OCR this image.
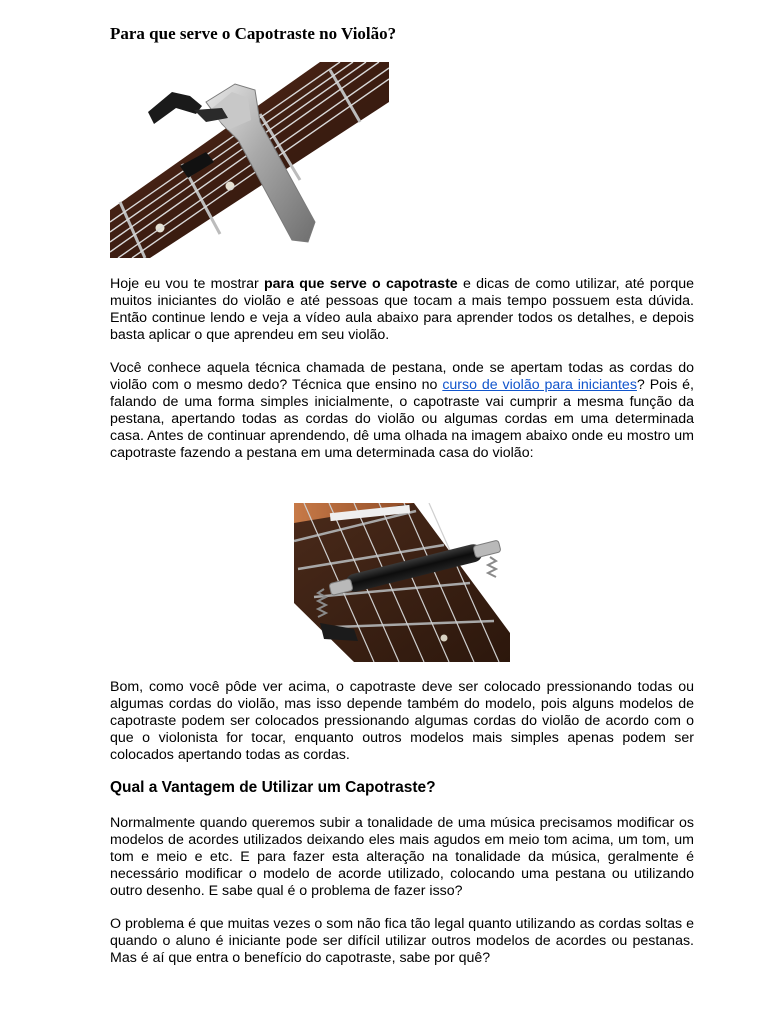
Para que serve o Capotraste no Violão?

Hoje eu vou te mostrar para que serve o capotraste e dicas de como utilizar, até porque muitos iniciantes do violão e até pessoas que tocam a mais tempo possuem esta dúvida. Então continue lendo e veja a vídeo aula abaixo para aprender todos os detalhes, e depois basta aplicar o que aprendeu em seu violão.

Você conhece aquela técnica chamada de pestana, onde se apertam todas as cordas do violão com o mesmo dedo? Técnica que ensino no curso de violão para iniciantes? Pois é, falando de uma forma simples inicialmente, o capotraste vai cumprir a mesma função da pestana, apertando todas as cordas do violão ou algumas cordas em uma determinada casa. Antes de continuar aprendendo, dê uma olhada na imagem abaixo onde eu mostro um capotraste fazendo a pestana em uma determinada casa do violão:

Bom, como você pôde ver acima, o capotraste deve ser colocado pressionando todas ou algumas cordas do violão, mas isso depende também do modelo, pois alguns modelos de capotraste podem ser colocados pressionando algumas cordas do violão de acordo com o que o violonista for tocar, enquanto outros modelos mais simples apenas podem ser colocados apertando todas as cordas.

Qual a Vantagem de Utilizar um Capotraste?

Normalmente quando queremos subir a tonalidade de uma música precisamos modificar os modelos de acordes utilizados deixando eles mais agudos em meio tom acima, um tom, um tom e meio e etc. E para fazer esta alteração na tonalidade da música, geralmente é necessário modificar o modelo de acorde utilizado, colocando uma pestana ou utilizando outro desenho. E sabe qual é o problema de fazer isso?

O problema é que muitas vezes o som não fica tão legal quanto utilizando as cordas soltas e quando o aluno é iniciante pode ser difícil utilizar outros modelos de acordes ou pestanas. Mas é aí que entra o benefício do capotraste, sabe por quê?
